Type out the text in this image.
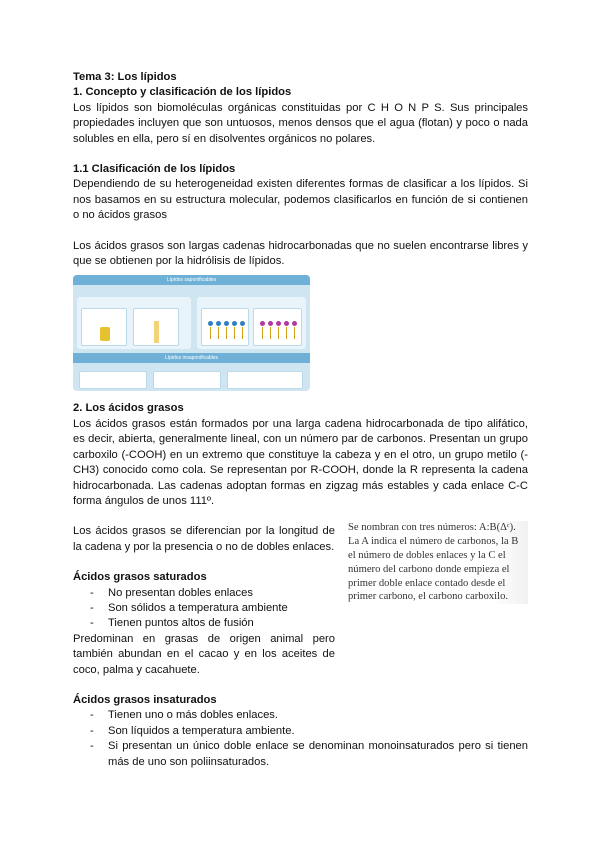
Tema 3: Los lípidos

1. Concepto y clasificación de los lípidos

Los lípidos son biomoléculas orgánicas constituidas por C H O N P S. Sus principales propiedades incluyen que son untuosos, menos densos que el agua (flotan) y poco o nada solubles en ella, pero sí en disolventes orgánicos no polares.

1.1 Clasificación de los lípidos

Dependiendo de su heterogeneidad existen diferentes formas de clasificar a los lípidos. Si nos basamos en su estructura molecular, podemos clasificarlos en función de si contienen o no ácidos grasos

Los ácidos grasos son largas cadenas hidrocarbonadas que no suelen encontrarse libres y que se obtienen por la hidrólisis de lípidos.

Lípidos saponificables
Lípidos insaponificables

2. Los ácidos grasos

Los ácidos grasos están formados por una larga cadena hidrocarbonada de tipo alifático, es decir, abierta, generalmente lineal, con un número par de carbonos. Presentan un grupo carboxilo (-COOH) en un extremo que constituye la cabeza y en el otro, un grupo metilo (-CH3) conocido como cola. Se representan por R-COOH, donde la R representa la cadena hidrocarbonada. Las cadenas adoptan formas en zigzag más estables y cada enlace C-C forma ángulos de unos 111º.

Los ácidos grasos se diferencian por la longitud de la cadena y por la presencia o no de dobles enlaces.

Ácidos grasos saturados

- No presentan dobles enlaces
- Son sólidos a temperatura ambiente
- Tienen puntos altos de fusión

Predominan en grasas de origen animal pero también abundan en el cacao y en los aceites de coco, palma y cacahuete.

Se nombran con tres números: A:B(Δᶜ). La A indica el número de carbonos, la B el número de dobles enlaces y la C el número del carbono donde empieza el primer doble enlace contado desde el primer carbono, el carbono carboxilo.

Ácidos grasos insaturados

- Tienen uno o más dobles enlaces.
- Son líquidos a temperatura ambiente.
- Si presentan un único doble enlace se denominan monoinsaturados pero si tienen más de uno son poliinsaturados.
